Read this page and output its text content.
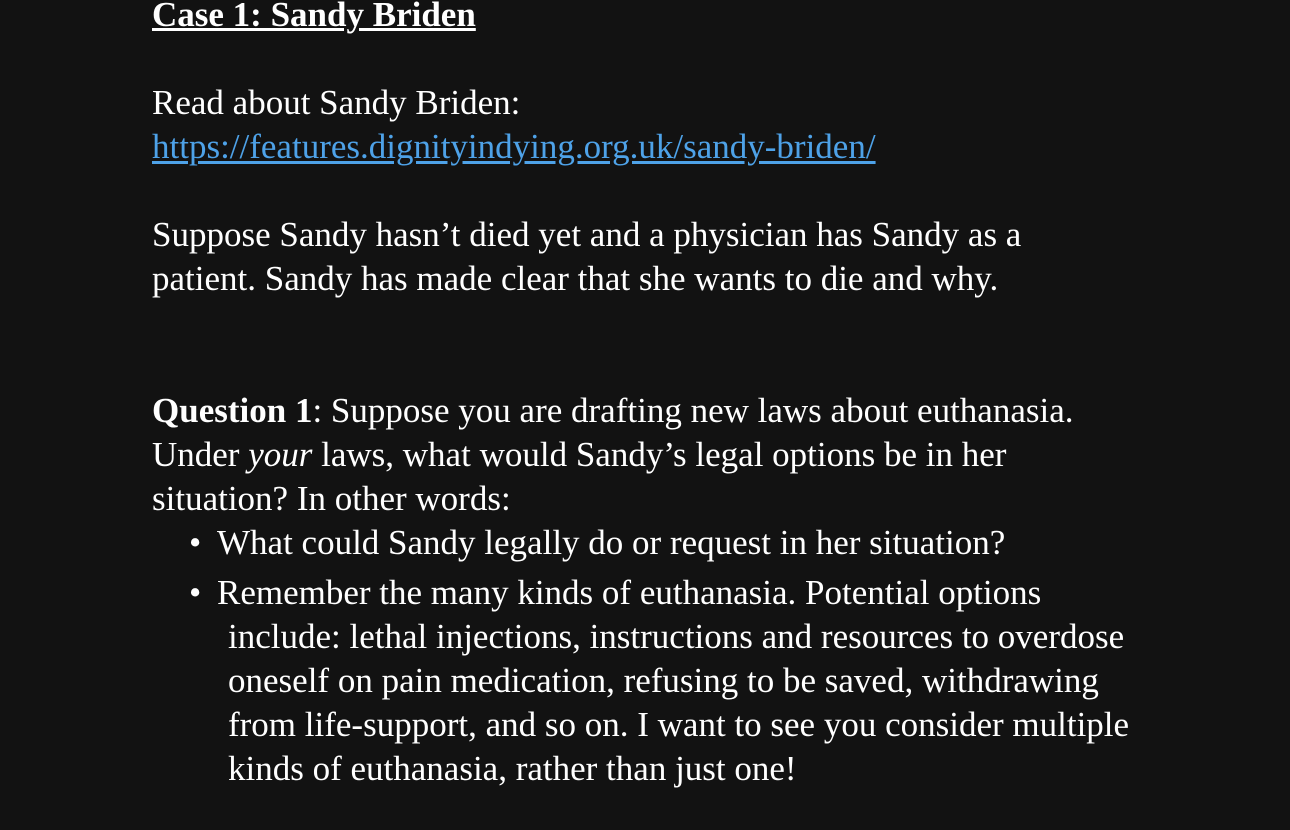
Case 1: Sandy Briden
Read about Sandy Briden:
https://features.dignityindying.org.uk/sandy-briden/
Suppose Sandy hasn’t died yet and a physician has Sandy as a patient. Sandy has made clear that she wants to die and why.
Question 1: Suppose you are drafting new laws about euthanasia. Under your laws, what would Sandy’s legal options be in her situation? In other words:
• What could Sandy legally do or request in her situation?
• Remember the many kinds of euthanasia. Potential options include: lethal injections, instructions and resources to overdose oneself on pain medication, refusing to be saved, withdrawing from life-support, and so on. I want to see you consider multiple kinds of euthanasia, rather than just one!
